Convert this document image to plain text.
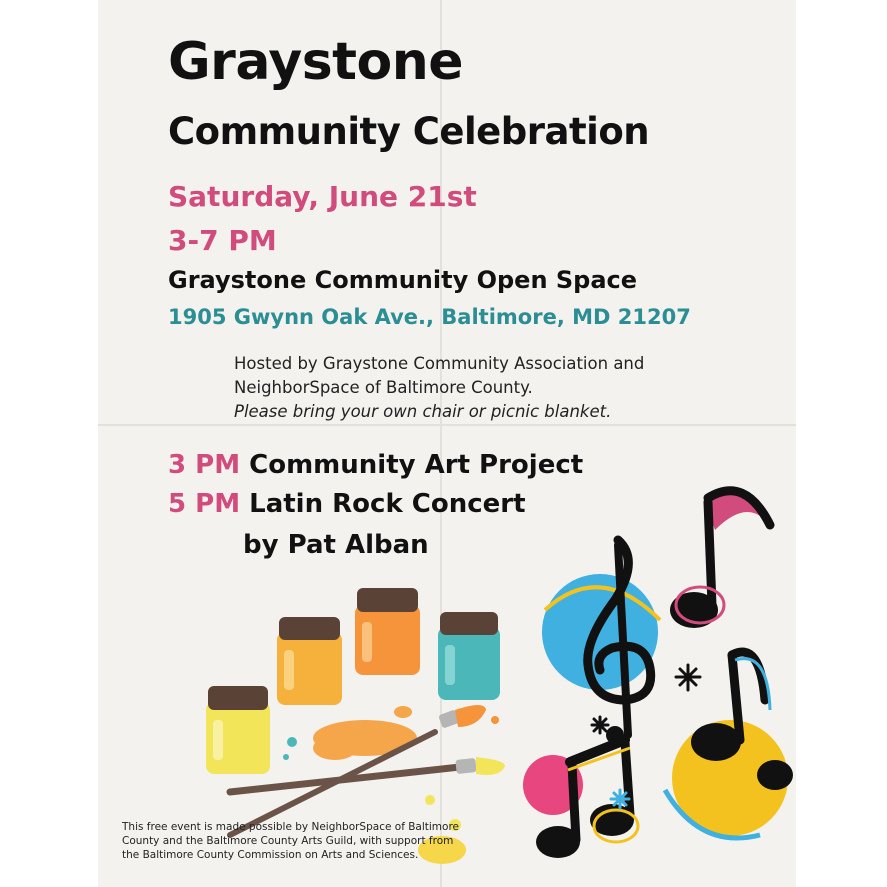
Graystone
Community Celebration
Saturday, June 21st
3-7 PM
Graystone Community Open Space
1905 Gwynn Oak Ave., Baltimore, MD 21207
Hosted by Graystone Community Association and
NeighborSpace of Baltimore County.
Please bring your own chair or picnic blanket.
3 PM Community Art Project
5 PM Latin Rock Concert
by Pat Alban
This free event is made possible by NeighborSpace of Baltimore
County and the Baltimore County Arts Guild, with support from
the Baltimore County Commission on Arts and Sciences.
